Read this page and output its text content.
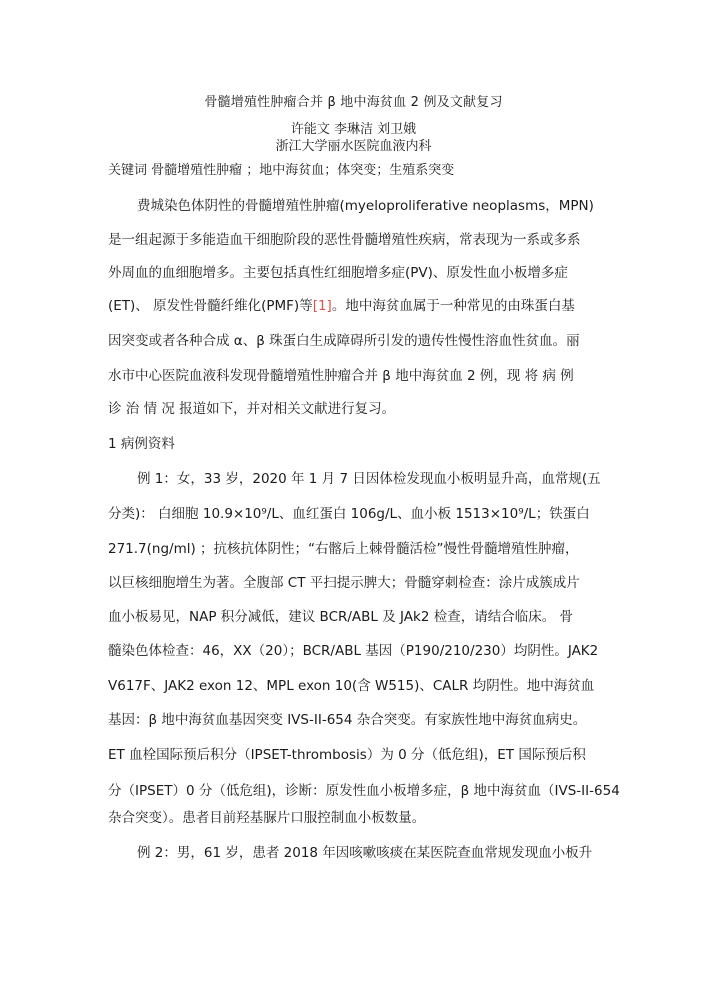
骨髓增殖性肿瘤合并 β 地中海贫血 2 例及文献复习
许能文 李琳洁 刘卫娥
浙江大学丽水医院血液内科
关键词 骨髓增殖性肿瘤 ；地中海贫血；体突变；生殖系突变
费城染色体阴性的骨髓增殖性肿瘤(myeloproliferative neoplasms，MPN)
是一组起源于多能造血干细胞阶段的恶性骨髓增殖性疾病，常表现为一系或多系
外周血的血细胞增多。主要包括真性红细胞增多症(PV)、原发性血小板增多症
(ET)、 原发性骨髓纤维化(PMF)等[1]。地中海贫血属于一种常见的由珠蛋白基
因突变或者各种合成 α、β 珠蛋白生成障碍所引发的遗传性慢性溶血性贫血。丽
水市中心医院血液科发现骨髓增殖性肿瘤合并 β 地中海贫血 2 例，现 将 病 例
诊 治 情 况 报道如下，并对相关文献进行复习。
1 病例资料
例 1：女，33 岁，2020 年 1 月 7 日因体检发现血小板明显升高，血常规(五
分类)： 白细胞 10.9×10⁹/L、血红蛋白 106g/L、血小板 1513×10⁹/L；铁蛋白
271.7(ng/ml) ；抗核抗体阴性；“右髂后上棘骨髓活检”慢性骨髓增殖性肿瘤，
以巨核细胞增生为著。全腹部 CT 平扫提示脾大；骨髓穿刺检查：涂片成簇成片
血小板易见，NAP 积分减低，建议 BCR/ABL 及 JAk2 检查，请结合临床。 骨
髓染色体检查：46，XX（20）；BCR/ABL 基因（P190/210/230）均阴性。JAK2
V617F、JAK2 exon 12、MPL exon 10(含 W515)、CALR 均阴性。地中海贫血
基因：β 地中海贫血基因突变 IVS-II-654 杂合突变。有家族性地中海贫血病史。
ET 血栓国际预后积分（IPSET-thrombosis）为 0 分（低危组)，ET 国际预后积
分（IPSET）0 分（低危组)，诊断：原发性血小板增多症，β 地中海贫血（IVS-II-654
杂合突变）。患者目前羟基脲片口服控制血小板数量。
例 2：男，61 岁，患者 2018 年因咳嗽咳痰在某医院查血常规发现血小板升
